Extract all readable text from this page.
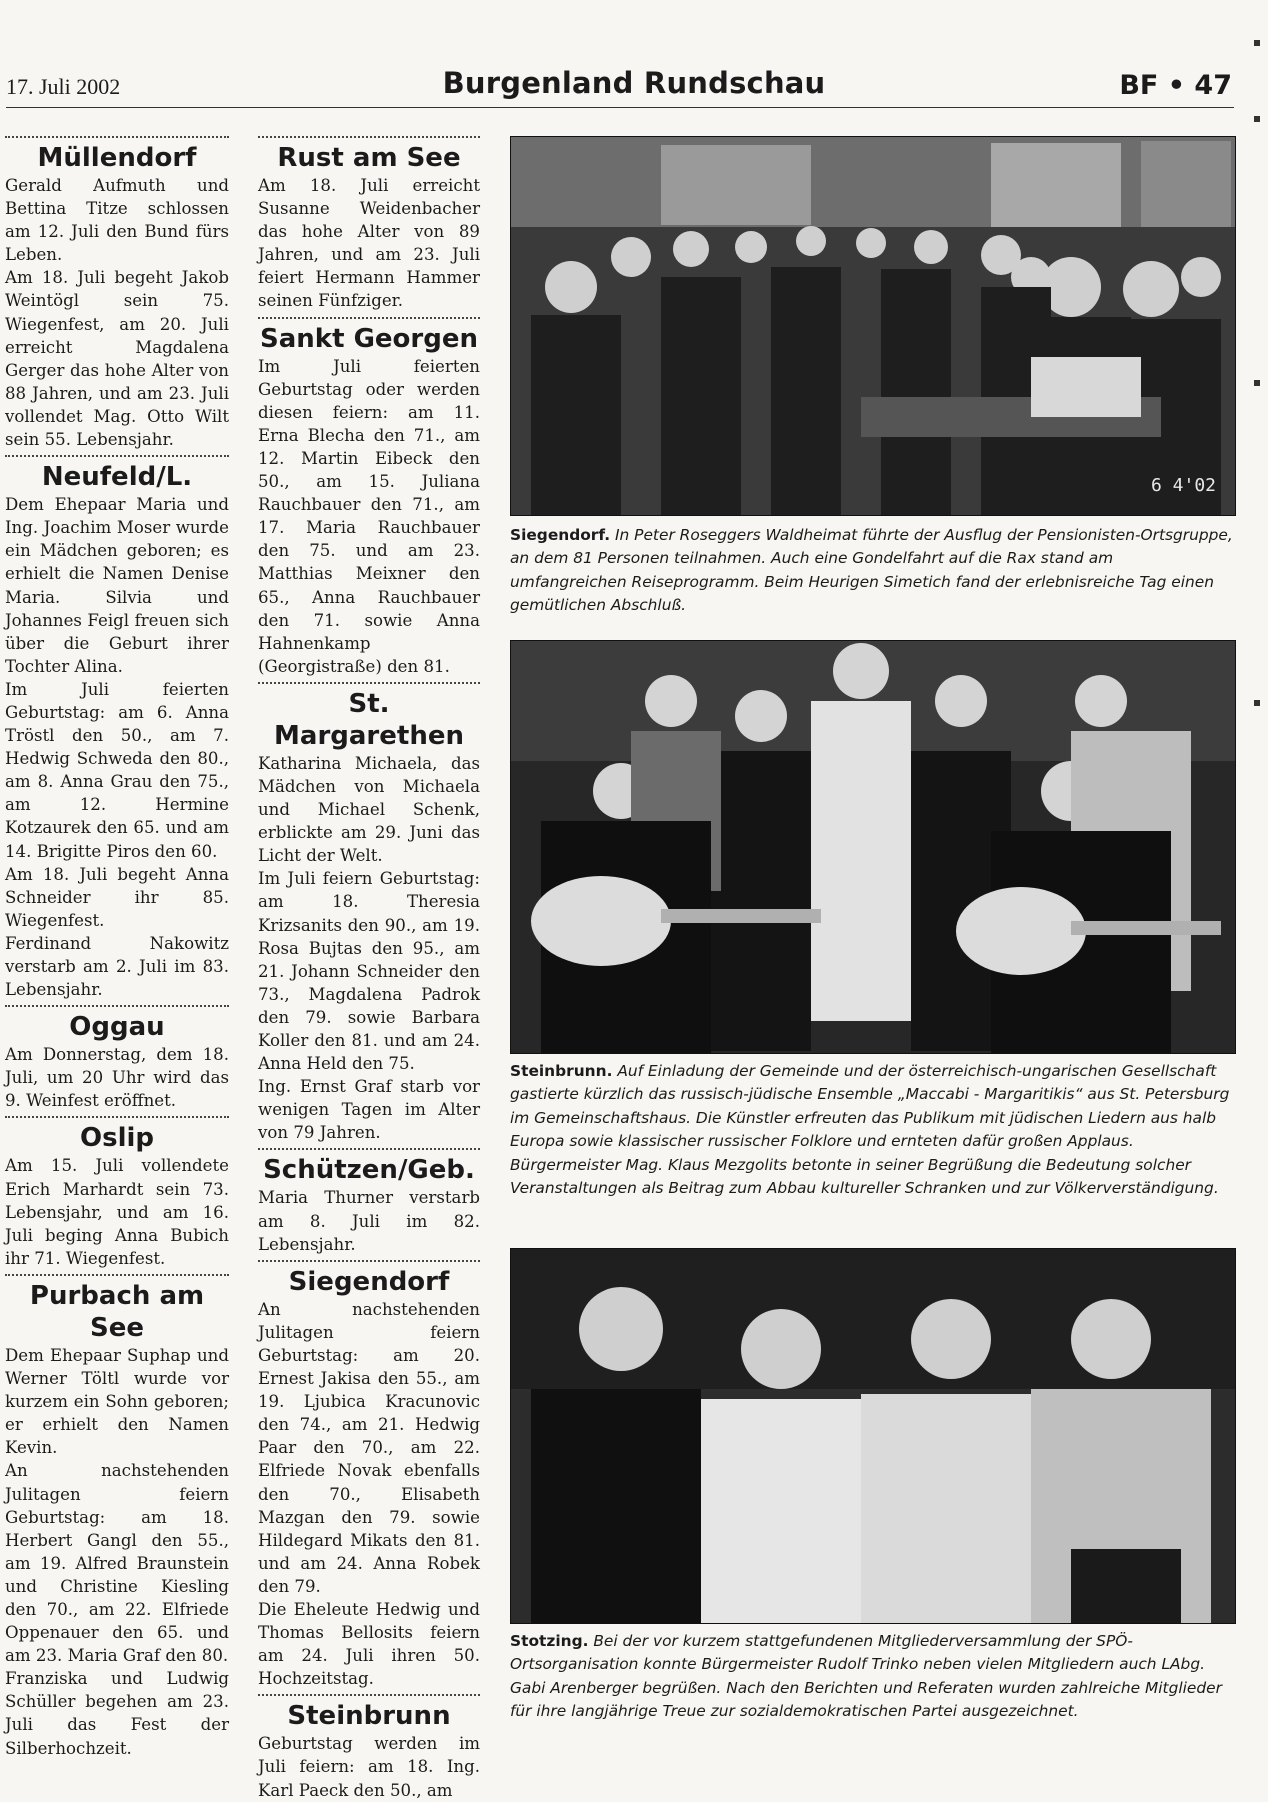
17. Juli 2002	Burgenland Rundschau	BF • 47
Müllendorf

Gerald Aufmuth und Bettina Titze schlossen am 12. Juli den Bund fürs Leben.

Am 18. Juli begeht Jakob Weintögl sein 75. Wiegenfest, am 20. Juli erreicht Magdalena Gerger das hohe Alter von 88 Jahren, und am 23. Juli vollendet Mag. Otto Wilt sein 55. Lebensjahr.

Neufeld/L.

Dem Ehepaar Maria und Ing. Joachim Moser wurde ein Mädchen geboren; es erhielt die Namen Denise Maria. Silvia und Johannes Feigl freuen sich über die Geburt ihrer Tochter Alina.

Im Juli feierten Geburtstag: am 6. Anna Tröstl den 50., am 7. Hedwig Schweda den 80., am 8. Anna Grau den 75., am 12. Hermine Kotzaurek den 65. und am 14. Brigitte Piros den 60.

Am 18. Juli begeht Anna Schneider ihr 85. Wiegenfest.

Ferdinand Nakowitz verstarb am 2. Juli im 83. Lebensjahr.

Oggau

Am Donnerstag, dem 18. Juli, um 20 Uhr wird das 9. Weinfest eröffnet.

Oslip

Am 15. Juli vollendete Erich Marhardt sein 73. Lebensjahr, und am 16. Juli beging Anna Bubich ihr 71. Wiegenfest.

Purbach am See

Dem Ehepaar Suphap und Werner Töltl wurde vor kurzem ein Sohn geboren; er erhielt den Namen Kevin.

An nachstehenden Julitagen feiern Geburtstag: am 18. Herbert Gangl den 55., am 19. Alfred Braunstein und Christine Kiesling den 70., am 22. Elfriede Oppenauer den 65. und am 23. Maria Graf den 80.

Franziska und Ludwig Schüller begehen am 23. Juli das Fest der Silberhochzeit.

Rust am See

Am 18. Juli erreicht Susanne Weidenbacher das hohe Alter von 89 Jahren, und am 23. Juli feiert Hermann Hammer seinen Fünfziger.

Sankt Georgen

Im Juli feierten Geburtstag oder werden diesen feiern: am 11. Erna Blecha den 71., am 12. Martin Eibeck den 50., am 15. Juliana Rauchbauer den 71., am 17. Maria Rauchbauer den 75. und am 23. Matthias Meixner den 65., Anna Rauchbauer den 71. sowie Anna Hahnenkamp (Georgistraße) den 81.

St. Margarethen

Katharina Michaela, das Mädchen von Michaela und Michael Schenk, erblickte am 29. Juni das Licht der Welt.

Im Juli feiern Geburtstag: am 18. Theresia Krizsanits den 90., am 19. Rosa Bujtas den 95., am 21. Johann Schneider den 73., Magdalena Padrok den 79. sowie Barbara Koller den 81. und am 24. Anna Held den 75.

Ing. Ernst Graf starb vor wenigen Tagen im Alter von 79 Jahren.

Schützen/Geb.

Maria Thurner verstarb am 8. Juli im 82. Lebensjahr.

Siegendorf

An nachstehenden Julitagen feiern Geburtstag: am 20. Ernest Jakisa den 55., am 19. Ljubica Kracunovic den 74., am 21. Hedwig Paar den 70., am 22. Elfriede Novak ebenfalls den 70., Elisabeth Mazgan den 79. sowie Hildegard Mikats den 81. und am 24. Anna Robek den 79.

Die Eheleute Hedwig und Thomas Bellosits feiern am 24. Juli ihren 50. Hochzeitstag.

Steinbrunn

Geburtstag werden im Juli feiern: am 18. Ing. Karl Paeck den 50., am

6 4'02
Siegendorf. In Peter Roseggers Waldheimat führte der Ausflug der Pensionisten-Ortsgruppe, an dem 81 Personen teilnahmen. Auch eine Gondelfahrt auf die Rax stand am umfangreichen Reiseprogramm. Beim Heurigen Simetich fand der erlebnisreiche Tag einen gemütlichen Abschluß.
Steinbrunn. Auf Einladung der Gemeinde und der österreichisch-ungarischen Gesellschaft gastierte kürzlich das russisch-jüdische Ensemble „Maccabi - Margaritikis“ aus St. Petersburg im Gemeinschaftshaus. Die Künstler erfreuten das Publikum mit jüdischen Liedern aus halb Europa sowie klassischer russischer Folklore und ernteten dafür großen Applaus. Bürgermeister Mag. Klaus Mezgolits betonte in seiner Begrüßung die Bedeutung solcher Veranstaltungen als Beitrag zum Abbau kultureller Schranken und zur Völkerverständigung.
Stotzing. Bei der vor kurzem stattgefundenen Mitgliederversammlung der SPÖ-Ortsorganisation konnte Bürgermeister Rudolf Trinko neben vielen Mitgliedern auch LAbg. Gabi Arenberger begrüßen. Nach den Berichten und Referaten wurden zahlreiche Mitglieder für ihre langjährige Treue zur sozialdemokratischen Partei ausgezeichnet.
